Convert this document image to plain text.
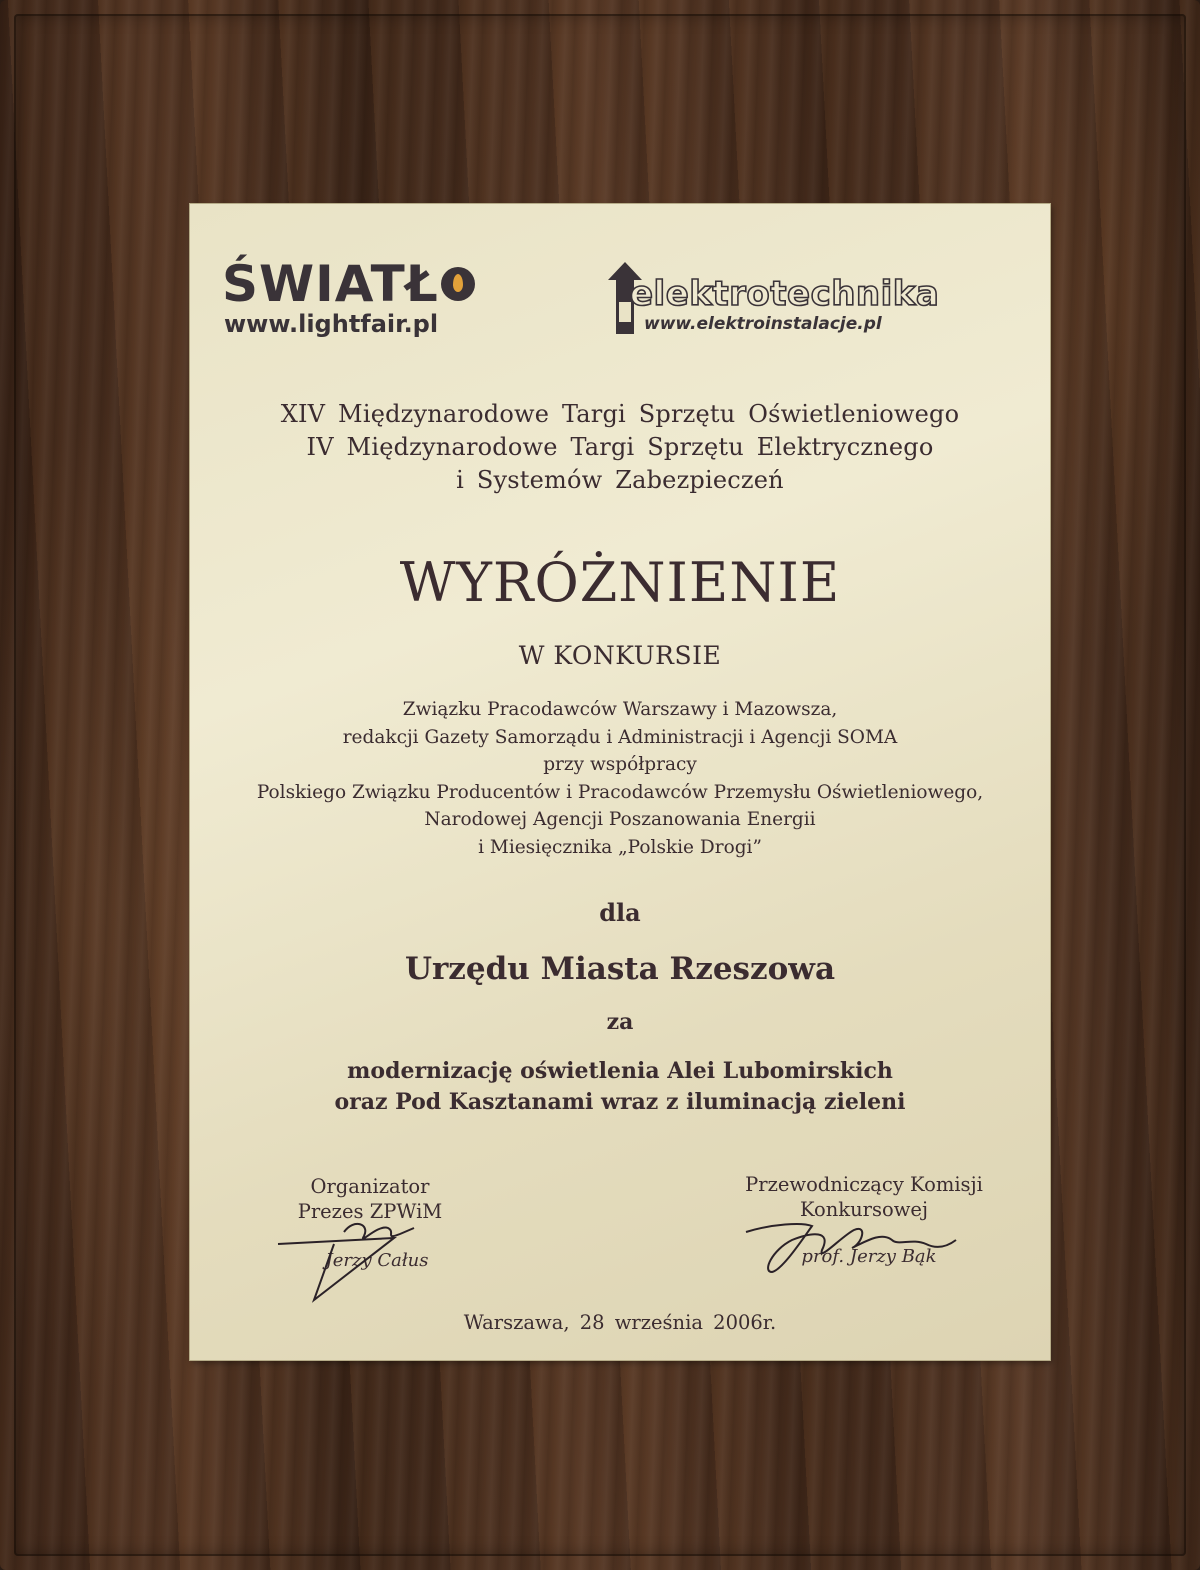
ŚWIATŁ
www.lightfair.pl
elektrotechnika
www.elektroinstalacje.pl
XIV Międzynarodowe Targi Sprzętu Oświetleniowego
IV Międzynarodowe Targi Sprzętu Elektrycznego
i Systemów Zabezpieczeń
WYRÓŻNIENIE
W KONKURSIE
Związku Pracodawców Warszawy i Mazowsza,
redakcji Gazety Samorządu i Administracji i Agencji SOMA
przy współpracy
Polskiego Związku Producentów i Pracodawców Przemysłu Oświetleniowego,
Narodowej Agencji Poszanowania Energii
i Miesięcznika „Polskie Drogi”
dla
Urzędu Miasta Rzeszowa
za
modernizację oświetlenia Alei Lubomirskich
oraz Pod Kasztanami wraz z iluminacją zieleni
Organizator
Prezes ZPWiM
Jerzy Całus
Przewodniczący Komisji
Konkursowej
prof. Jerzy Bąk
Warszawa, 28 września 2006r.
